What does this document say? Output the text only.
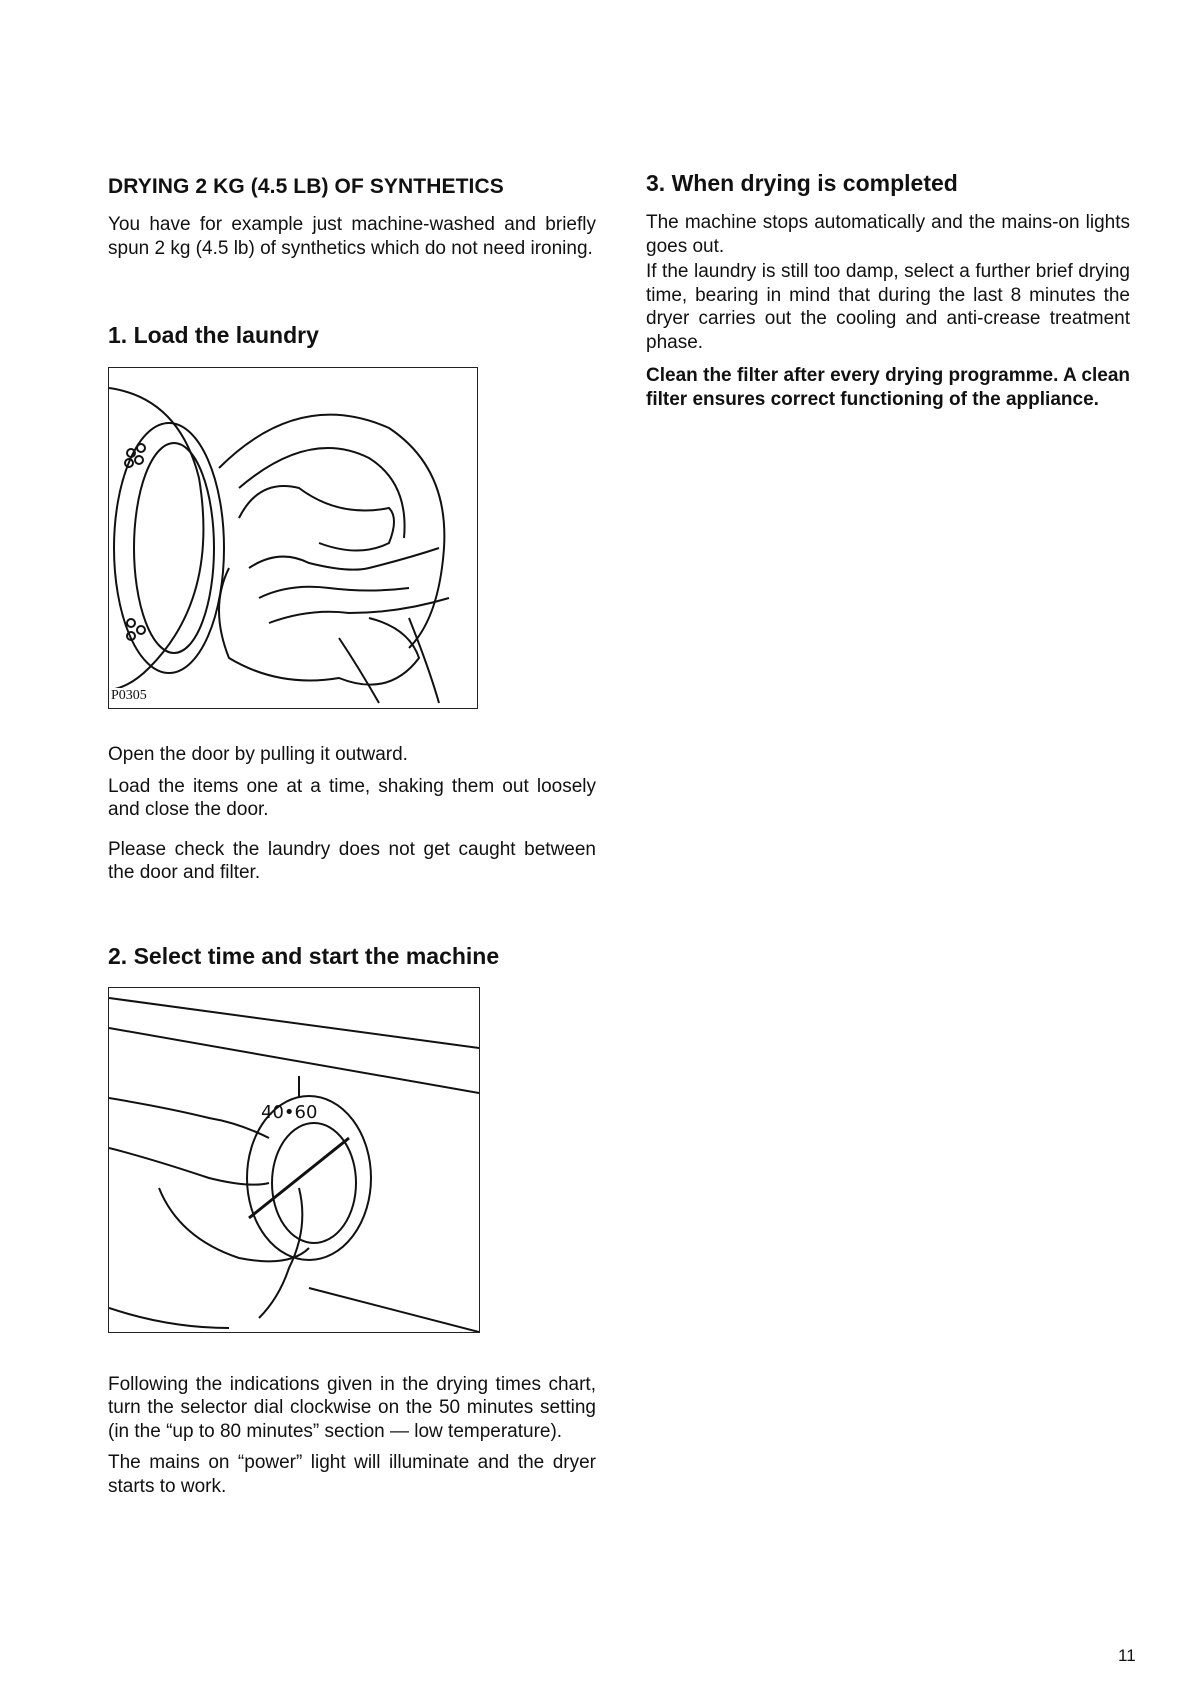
DRYING 2 KG (4.5 LB) OF SYNTHETICS

You have for example just machine-washed and briefly spun 2 kg (4.5 lb) of synthetics which do not need ironing.

1. Load the laundry
P0305

Open the door by pulling it outward.

Load the items one at a time, shaking them out loosely and close the door.

Please check the laundry does not get caught between the door and filter.

2. Select time and start the machine
40•60

Following the indications given in the drying times chart, turn the selector dial clockwise on the 50 minutes setting (in the “up to 80 minutes” section — low temperature).

The mains on “power” light will illuminate and the dryer starts to work.

3. When drying is completed

The machine stops automatically and the mains-on lights goes out.

If the laundry is still too damp, select a further brief drying time, bearing in mind that during the last 8 minutes the dryer carries out the cooling and anti-crease treatment phase.

Clean the filter after every drying programme. A clean filter ensures correct functioning of the appliance.

11
